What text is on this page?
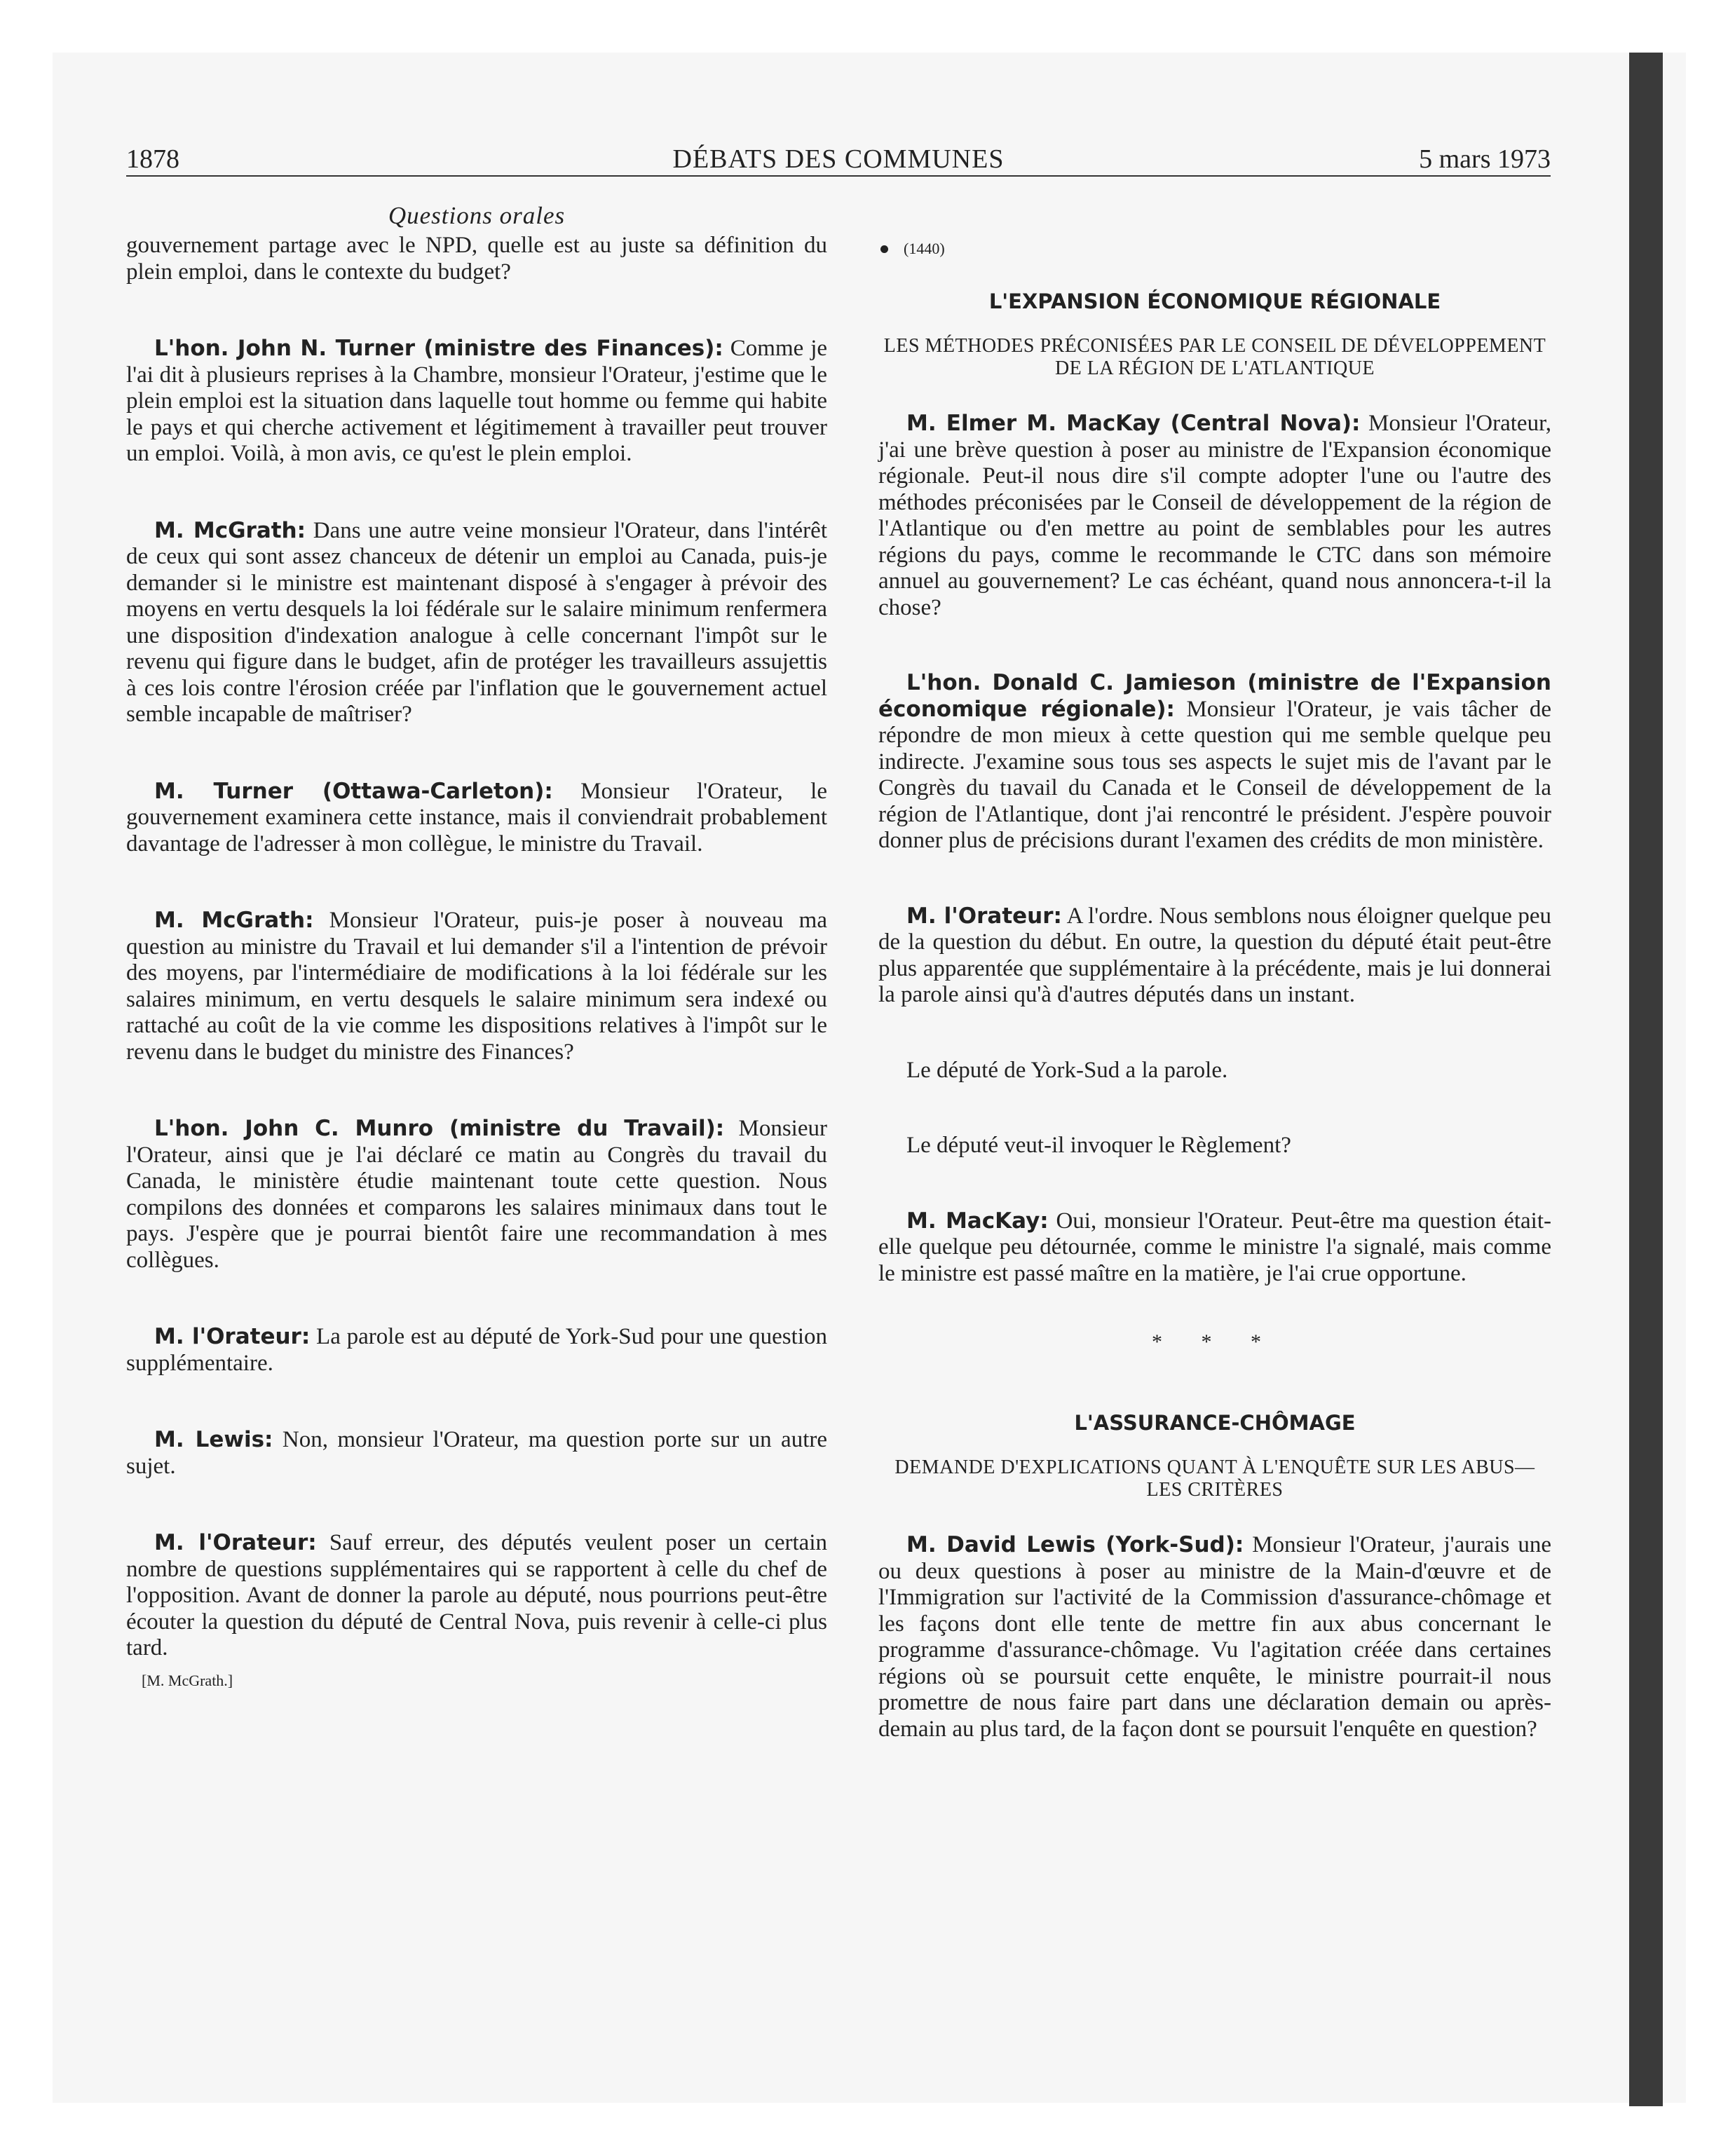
1878	DÉBATS DES COMMUNES	5 mars 1973
Questions orales

gouvernement partage avec le NPD, quelle est au juste sa définition du plein emploi, dans le contexte du budget?

L'hon. John N. Turner (ministre des Finances): Comme je l'ai dit à plusieurs reprises à la Chambre, monsieur l'Orateur, j'estime que le plein emploi est la situation dans laquelle tout homme ou femme qui habite le pays et qui cherche activement et légitimement à travailler peut trouver un emploi. Voilà, à mon avis, ce qu'est le plein emploi.

M. McGrath: Dans une autre veine monsieur l'Orateur, dans l'intérêt de ceux qui sont assez chanceux de détenir un emploi au Canada, puis-je demander si le ministre est maintenant disposé à s'engager à prévoir des moyens en vertu desquels la loi fédérale sur le salaire minimum renfermera une disposition d'indexation analogue à celle concernant l'impôt sur le revenu qui figure dans le budget, afin de protéger les travailleurs assujettis à ces lois contre l'érosion créée par l'inflation que le gouvernement actuel semble incapable de maîtriser?

M. Turner (Ottawa-Carleton): Monsieur l'Orateur, le gouvernement examinera cette instance, mais il conviendrait probablement davantage de l'adresser à mon collègue, le ministre du Travail.

M. McGrath: Monsieur l'Orateur, puis-je poser à nouveau ma question au ministre du Travail et lui demander s'il a l'intention de prévoir des moyens, par l'intermédiaire de modifications à la loi fédérale sur les salaires minimum, en vertu desquels le salaire minimum sera indexé ou rattaché au coût de la vie comme les dispositions relatives à l'impôt sur le revenu dans le budget du ministre des Finances?

L'hon. John C. Munro (ministre du Travail): Monsieur l'Orateur, ainsi que je l'ai déclaré ce matin au Congrès du travail du Canada, le ministère étudie maintenant toute cette question. Nous compilons des données et comparons les salaires minimaux dans tout le pays. J'espère que je pourrai bientôt faire une recommandation à mes collègues.

M. l'Orateur: La parole est au député de York-Sud pour une question supplémentaire.

M. Lewis: Non, monsieur l'Orateur, ma question porte sur un autre sujet.

M. l'Orateur: Sauf erreur, des députés veulent poser un certain nombre de questions supplémentaires qui se rapportent à celle du chef de l'opposition. Avant de donner la parole au député, nous pourrions peut-être écouter la question du député de Central Nova, puis revenir à celle-ci plus tard.

[M. McGrath.]
(1440)
L'EXPANSION ÉCONOMIQUE RÉGIONALE
LES MÉTHODES PRÉCONISÉES PAR LE CONSEIL DE DÉVELOPPEMENT DE LA RÉGION DE L'ATLANTIQUE

M. Elmer M. MacKay (Central Nova): Monsieur l'Orateur, j'ai une brève question à poser au ministre de l'Expansion économique régionale. Peut-il nous dire s'il compte adopter l'une ou l'autre des méthodes préconisées par le Conseil de développement de la région de l'Atlantique ou d'en mettre au point de semblables pour les autres régions du pays, comme le recommande le CTC dans son mémoire annuel au gouvernement? Le cas échéant, quand nous annoncera-t-il la chose?

L'hon. Donald C. Jamieson (ministre de l'Expansion économique régionale): Monsieur l'Orateur, je vais tâcher de répondre de mon mieux à cette question qui me semble quelque peu indirecte. J'examine sous tous ses aspects le sujet mis de l'avant par le Congrès du tıavail du Canada et le Conseil de développement de la région de l'Atlantique, dont j'ai rencontré le président. J'espère pouvoir donner plus de précisions durant l'examen des crédits de mon ministère.

M. l'Orateur: A l'ordre. Nous semblons nous éloigner quelque peu de la question du début. En outre, la question du député était peut-être plus apparentée que supplémentaire à la précédente, mais je lui donnerai la parole ainsi qu'à d'autres députés dans un instant.

Le député de York-Sud a la parole.

Le député veut-il invoquer le Règlement?

M. MacKay: Oui, monsieur l'Orateur. Peut-être ma question était-elle quelque peu détournée, comme le ministre l'a signalé, mais comme le ministre est passé maître en la matière, je l'ai crue opportune.

* * *
L'ASSURANCE-CHÔMAGE
DEMANDE D'EXPLICATIONS QUANT À L'ENQUÊTE SUR LES ABUS—LES CRITÈRES

M. David Lewis (York-Sud): Monsieur l'Orateur, j'aurais une ou deux questions à poser au ministre de la Main-d'œuvre et de l'Immigration sur l'activité de la Commission d'assurance-chômage et les façons dont elle tente de mettre fin aux abus concernant le programme d'assurance-chômage. Vu l'agitation créée dans certaines régions où se poursuit cette enquête, le ministre pourrait-il nous promettre de nous faire part dans une déclaration demain ou après-demain au plus tard, de la façon dont se poursuit l'enquête en question?
